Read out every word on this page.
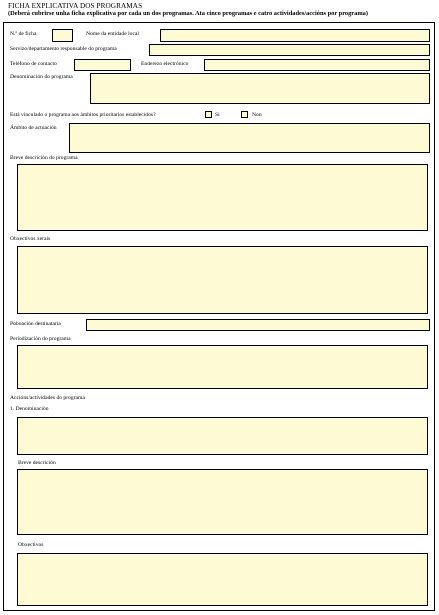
FICHA EXPLICATIVA DOS PROGRAMAS
(Deberá cubrirse unha ficha explicativa por cada un dos programas. Ata cinco programas e catro actividades/accións por programa)
N.º de ficha	Nome da entidade local
Servizo/departamento responsable do programa
Teléfono de contacto	Enderezo electrónico
Denominación do programa
Está vinculado o programa aos ámbitos prioritarios establecidos?	Si	Non
Ámbito de actuación
Breve descrición do programa
Obxectivos xerais
Poboación destinataria
Periodización do programa
Accións/actividades do programa
1. Denominación
Breve descrición
Obxectivos
